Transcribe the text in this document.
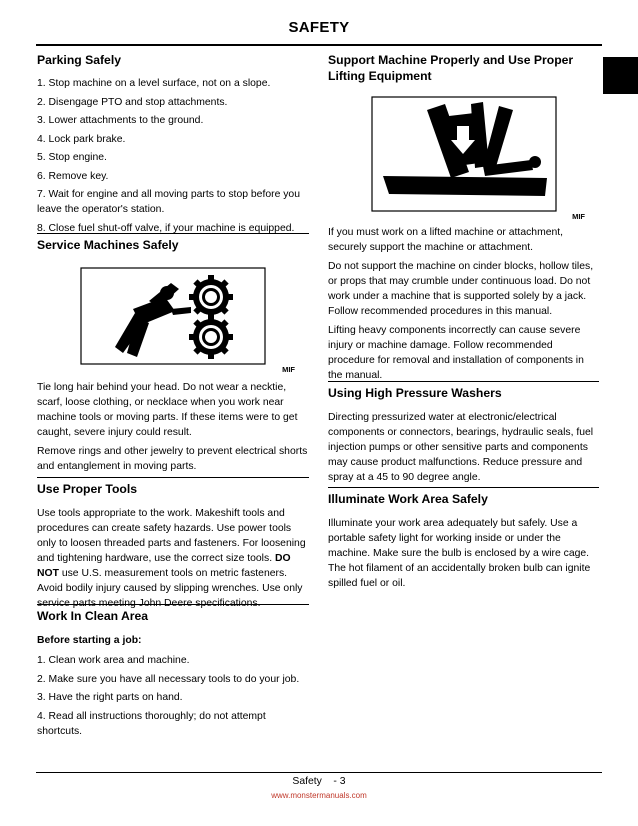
SAFETY
Parking Safely
1. Stop machine on a level surface, not on a slope.
2. Disengage PTO and stop attachments.
3. Lower attachments to the ground.
4. Lock park brake.
5. Stop engine.
6. Remove key.
7. Wait for engine and all moving parts to stop before you leave the operator's station.
8. Close fuel shut-off valve, if your machine is equipped.
Service Machines Safely
MIF

Tie long hair behind your head. Do not wear a necktie, scarf, loose clothing, or necklace when you work near machine tools or moving parts. If these items were to get caught, severe injury could result.

Remove rings and other jewelry to prevent electrical shorts and entanglement in moving parts.

Use Proper Tools

Use tools appropriate to the work. Makeshift tools and procedures can create safety hazards. Use power tools only to loosen threaded parts and fasteners. For loosening and tightening hardware, use the correct size tools. DO
NOT use U.S. measurement tools on metric fasteners. Avoid bodily injury caused by slipping wrenches. Use only

Work In Clean Area
Before starting a job:
1. Clean work area and machine.
2. Make sure you have all necessary tools to do your job.
3. Have the right parts on hand.
4. Read all instructions thoroughly; do not attempt shortcuts.
Support Machine Properly and Use Proper Lifting Equipment
MIF

If you must work on a lifted machine or attachment, securely support the machine or attachment.

Do not support the machine on cinder blocks, hollow tiles, or props that may crumble under continuous load. Do not work under a machine that is supported solely by a jack. Follow recommended procedures in this manual.

Lifting heavy components incorrectly can cause severe injury or machine damage. Follow recommended procedure for removal and installation of components in the manual.

Using High Pressure Washers

Directing pressurized water at electronic/electrical components or connectors, bearings, hydraulic seals, fuel injection pumps or other sensitive parts and components may cause product malfunctions. Reduce pressure and spray at a 45 to 90 degree angle.

Illuminate Work Area Safely

Illuminate your work area adequately but safely. Use a portable safety light for working inside or under the machine. Make sure the bulb is enclosed by a wire cage. The hot filament of an accidentally broken bulb can ignite spilled fuel or oil.

Safety    - 3
www.monstermanuals.com
